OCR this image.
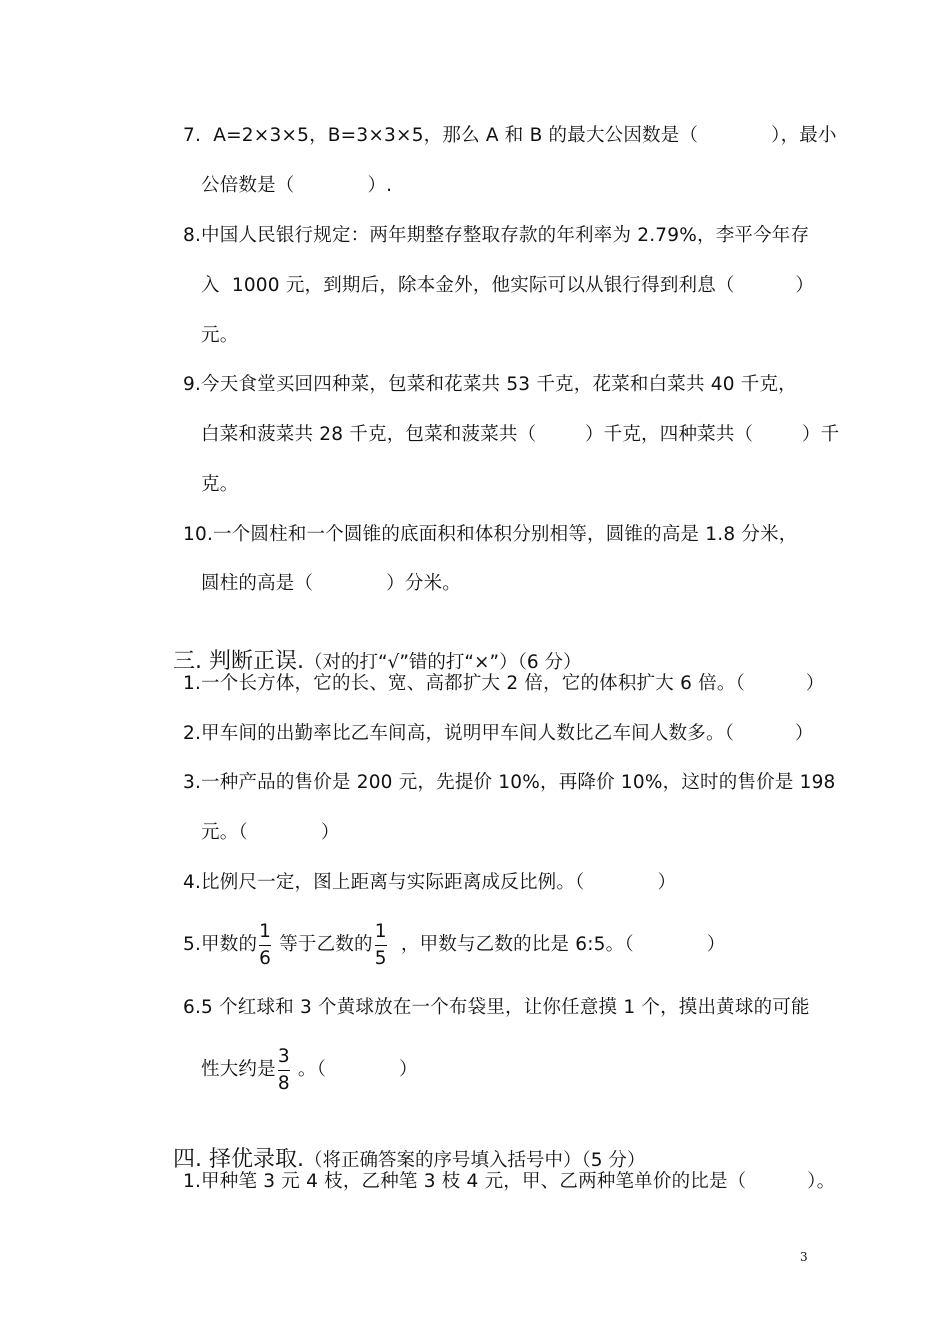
7.  A=2×3×5，B=3×3×5，那么 A 和 B 的最大公因数是（            ），最小
公倍数是（            ）.
8.中国人民银行规定：两年期整存整取存款的年利率为 2.79%，李平今年存
入  1000 元，到期后，除本金外，他实际可以从银行得到利息（          ）
元。
9.今天食堂买回四种菜，包菜和花菜共 53 千克，花菜和白菜共 40 千克，
白菜和菠菜共 28 千克，包菜和菠菜共（        ）千克，四种菜共（        ）千
克。
10.一个圆柱和一个圆锥的底面积和体积分别相等，圆锥的高是 1.8 分米，
圆柱的高是（            ）分米。

三. 判断正误.（对的打“√”错的打“×”）（6 分）

1.一个长方体，它的长、宽、高都扩大 2 倍，它的体积扩大 6 倍。（          ）
2.甲车间的出勤率比乙车间高，说明甲车间人数比乙车间人数多。（          ）
3.一种产品的售价是 200 元，先提价 10%，再降价 10%，这时的售价是 198
元。（            ）
4.比例尺一定，图上距离与实际距离成反比例。（            ）
5.甲数的 $\frac{1}{6}$ 等于乙数的 $\frac{1}{5}$ ，甲数与乙数的比是 6:5。（            ）
6.5 个红球和 3 个黄球放在一个布袋里，让你任意摸 1 个，摸出黄球的可能
性大约是 $\frac{3}{8}$ 。（            ）

四. 择优录取.（将正确答案的序号填入括号中）（5 分）

1.甲种笔 3 元 4 枝，乙种笔 3 枝 4 元，甲、乙两种笔单价的比是（          ）。
3
